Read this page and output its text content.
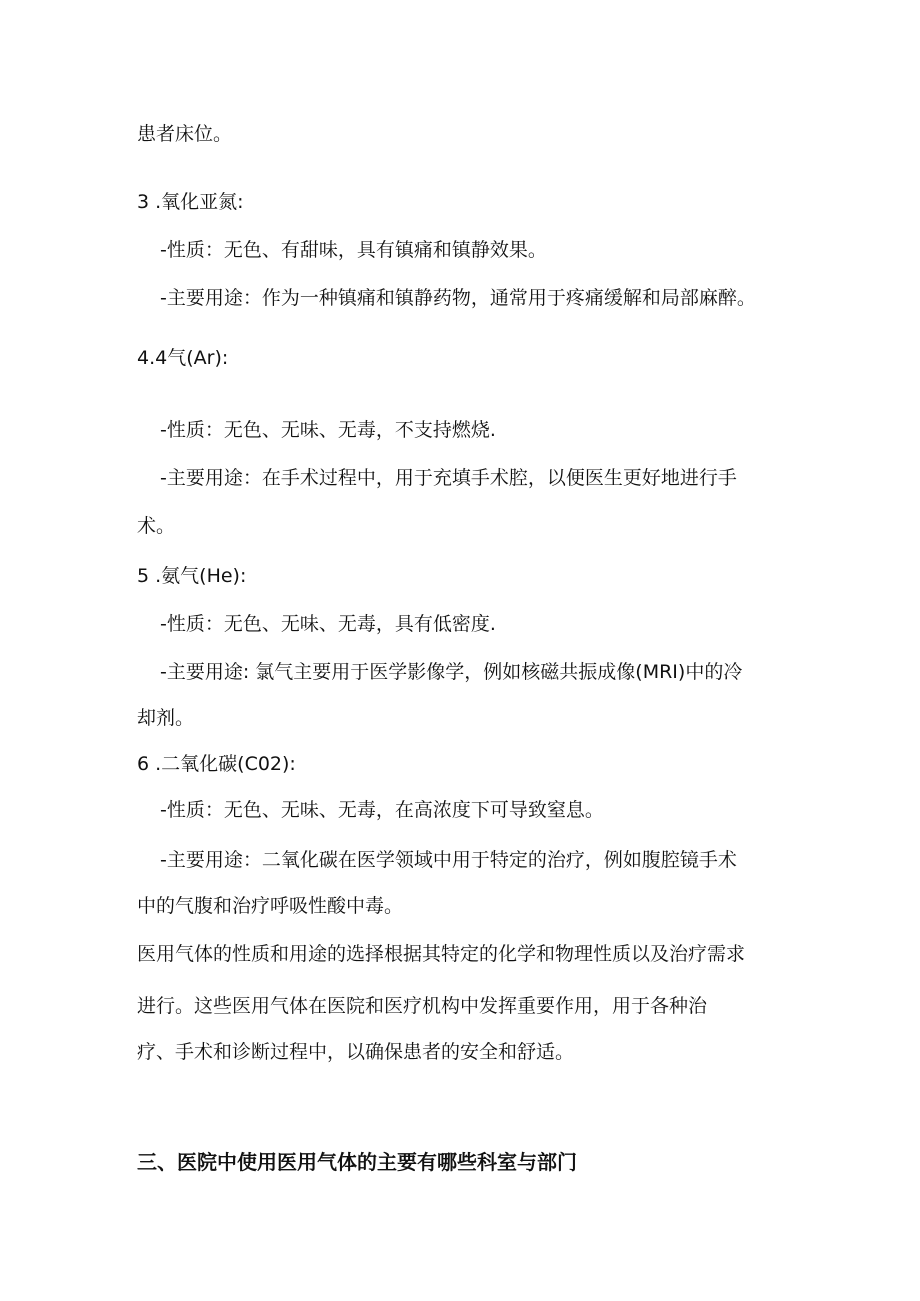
患者床位。
3 .氧化亚氮:
-性质：无色、有甜味，具有镇痛和镇静效果。
-主要用途：作为一种镇痛和镇静药物，通常用于疼痛缓解和局部麻醉。
4.4气(Ar):
-性质：无色、无味、无毒，不支持燃烧.
-主要用途：在手术过程中，用于充填手术腔，以便医生更好地进行手
术。
5 .氨气(He):
-性质：无色、无味、无毒，具有低密度.
-主要用途: 氯气主要用于医学影像学，例如核磁共振成像(MRI)中的冷
却剂。
6 .二氧化碳(C02):
-性质：无色、无味、无毒，在高浓度下可导致窒息。
-主要用途：二氧化碳在医学领域中用于特定的治疗，例如腹腔镜手术
中的气腹和治疗呼吸性酸中毒。
医用气体的性质和用途的选择根据其特定的化学和物理性质以及治疗需求
进行。这些医用气体在医院和医疗机构中发挥重要作用，用于各种治
疗、手术和诊断过程中，以确保患者的安全和舒适。
三、医院中使用医用气体的主要有哪些科室与部门
